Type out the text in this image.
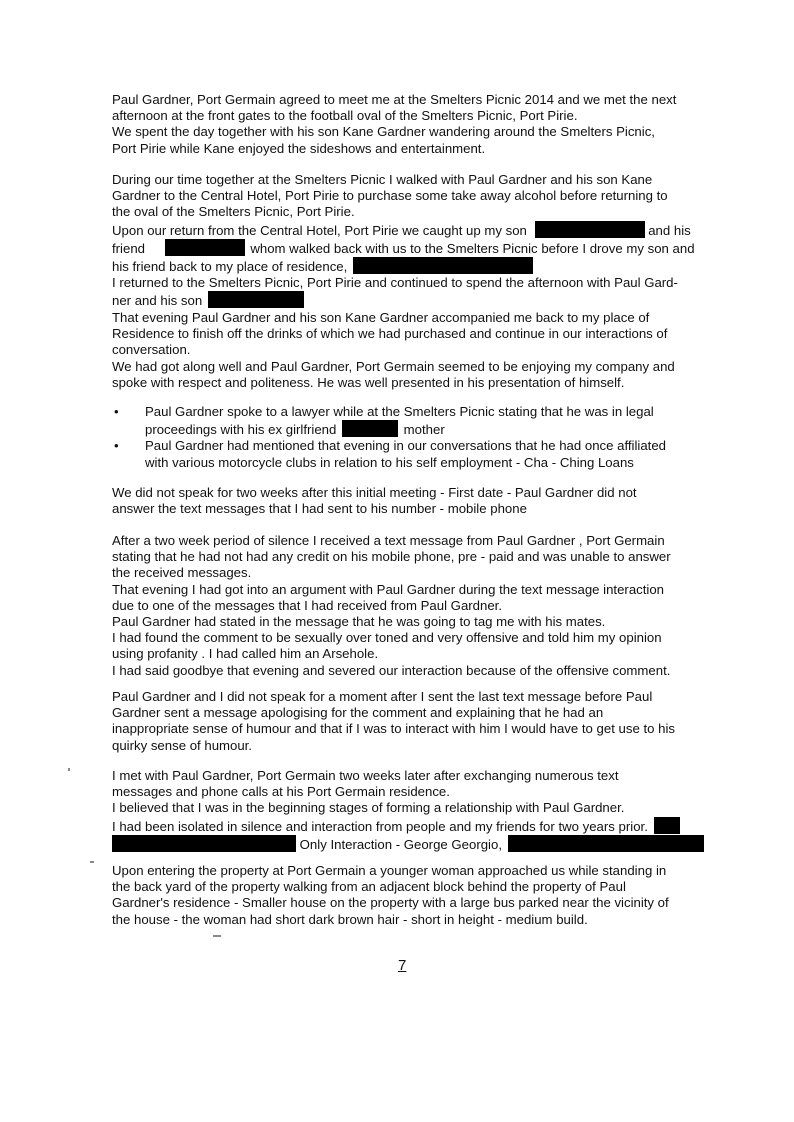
Paul Gardner, Port Germain agreed to meet me at the Smelters Picnic 2014 and we met the next
afternoon at the front gates to the football oval of the Smelters Picnic, Port Pirie.
We spent the day together with his son Kane Gardner wandering around the Smelters Picnic,
Port Pirie while Kane enjoyed the sideshows and entertainment.
During our time together at the Smelters Picnic I walked with Paul Gardner and his son Kane
Gardner to the Central Hotel, Port Pirie to purchase some take away alcohol before returning to
the oval of the Smelters Picnic, Port Pirie.
Upon our return from the Central Hotel, Port Pirie we caught up my son	and his
friend	whom walked back with us to the Smelters Picnic before I drove my son and
his friend back to my place of residence,
I returned to the Smelters Picnic, Port Pirie and continued to spend the afternoon with Paul Gard-
ner and his son
That evening Paul Gardner and his son Kane Gardner accompanied me back to my place of
Residence to finish off the drinks of which we had purchased and continue in our interactions of
conversation.
We had got along well and Paul Gardner, Port Germain seemed to be enjoying my company and
spoke with respect and politeness. He was well presented in his presentation of himself.
• Paul Gardner spoke to a lawyer while at the Smelters Picnic stating that he was in legal
proceedings with his ex girlfriend	mother
• Paul Gardner had mentioned that evening in our conversations that he had once affiliated
with various motorcycle clubs in relation to his self employment - Cha - Ching Loans
We did not speak for two weeks after this initial meeting - First date - Paul Gardner did not
answer the text messages that I had sent to his number - mobile phone
After a two week period of silence I received a text message from Paul Gardner , Port Germain
stating that he had not had any credit on his mobile phone, pre - paid and was unable to answer
the received messages.
That evening I had got into an argument with Paul Gardner during the text message interaction
due to one of the messages that I had received from Paul Gardner.
Paul Gardner had stated in the message that he was going to tag me with his mates.
I had found the comment to be sexually over toned and very offensive and told him my opinion
using profanity . I had called him an Arsehole.
I had said goodbye that evening and severed our interaction because of the offensive comment.
Paul Gardner and I did not speak for a moment after I sent the last text message before Paul
Gardner sent a message apologising for the comment and explaining that he had an
inappropriate sense of humour and that if I was to interact with him I would have to get use to his
quirky sense of humour.
I met with Paul Gardner, Port Germain two weeks later after exchanging numerous text
messages and phone calls at his Port Germain residence.
I believed that I was in the beginning stages of forming a relationship with Paul Gardner.
I had been isolated in silence and interaction from people and my friends for two years prior.
Only Interaction - George Georgio,
Upon entering the property at Port Germain a younger woman approached us while standing in
the back yard of the property walking from an adjacent block behind the property of Paul
Gardner's residence - Smaller house on the property with a large bus parked near the vicinity of
the house - the woman had short dark brown hair - short in height - medium build.
7
